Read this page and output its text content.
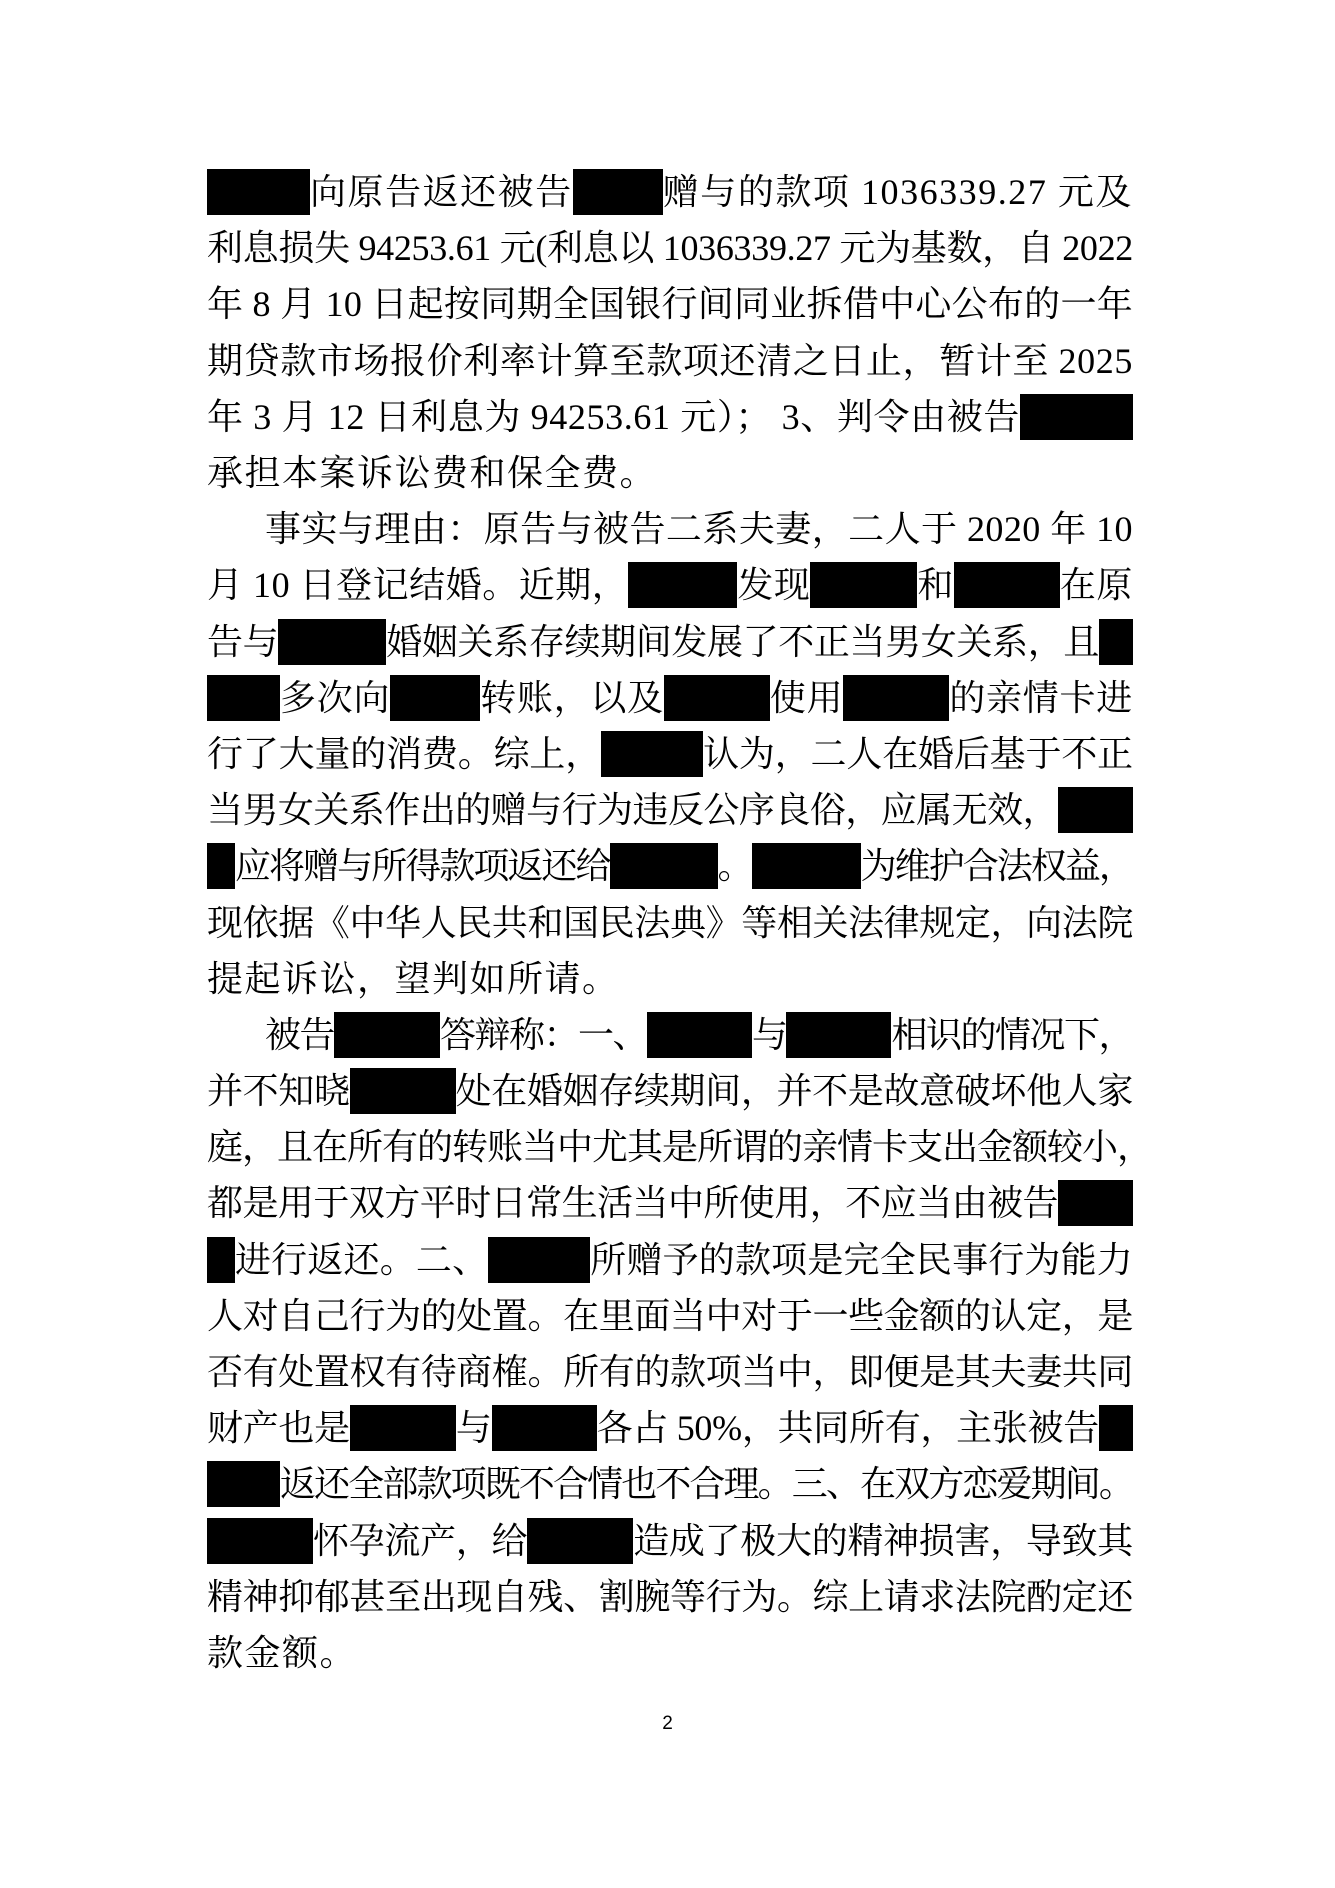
向原告返还被告	赠与的款项 1036339.27 元及
利息损失 94253.61 元(利息以 1036339.27 元为基数，自 2022
年 8 月 10 日起按同期全国银行间同业拆借中心公布的一年
期贷款市场报价利率计算至款项还清之日止，暂计至 2025
年 3 月 12 日利息为 94253.61 元）； 3、判令由被告
承担本案诉讼费和保全费。
事实与理由：原告与被告二系夫妻，二人于 2020 年 10
月 10 日登记结婚。近期，	发现	和	在原
告与	婚姻关系存续期间发展了不正当男女关系，且
多次向	转账，以及	使用	的亲情卡进
行了大量的消费。综上，	认为，二人在婚后基于不正
当男女关系作出的赠与行为违反公序良俗，应属无效，
应将赠与所得款项返还给	。	为维护合法权益，
现依据《中华人民共和国民法典》等相关法律规定，向法院
提起诉讼，望判如所请。
被告	答辩称：一、	与	相识的情况下，
并不知晓	处在婚姻存续期间，并不是故意破坏他人家
庭，且在所有的转账当中尤其是所谓的亲情卡支出金额较小，
都是用于双方平时日常生活当中所使用，不应当由被告
进行返还。二、	所赠予的款项是完全民事行为能力
人对自己行为的处置。在里面当中对于一些金额的认定，是
否有处置权有待商榷。所有的款项当中，即便是其夫妻共同
财产也是	与	各占 50%，共同所有，主张被告
返还全部款项既不合情也不合理。三、在双方恋爱期间。
怀孕流产，给	造成了极大的精神损害，导致其
精神抑郁甚至出现自残、割腕等行为。综上请求法院酌定还
款金额。
2
